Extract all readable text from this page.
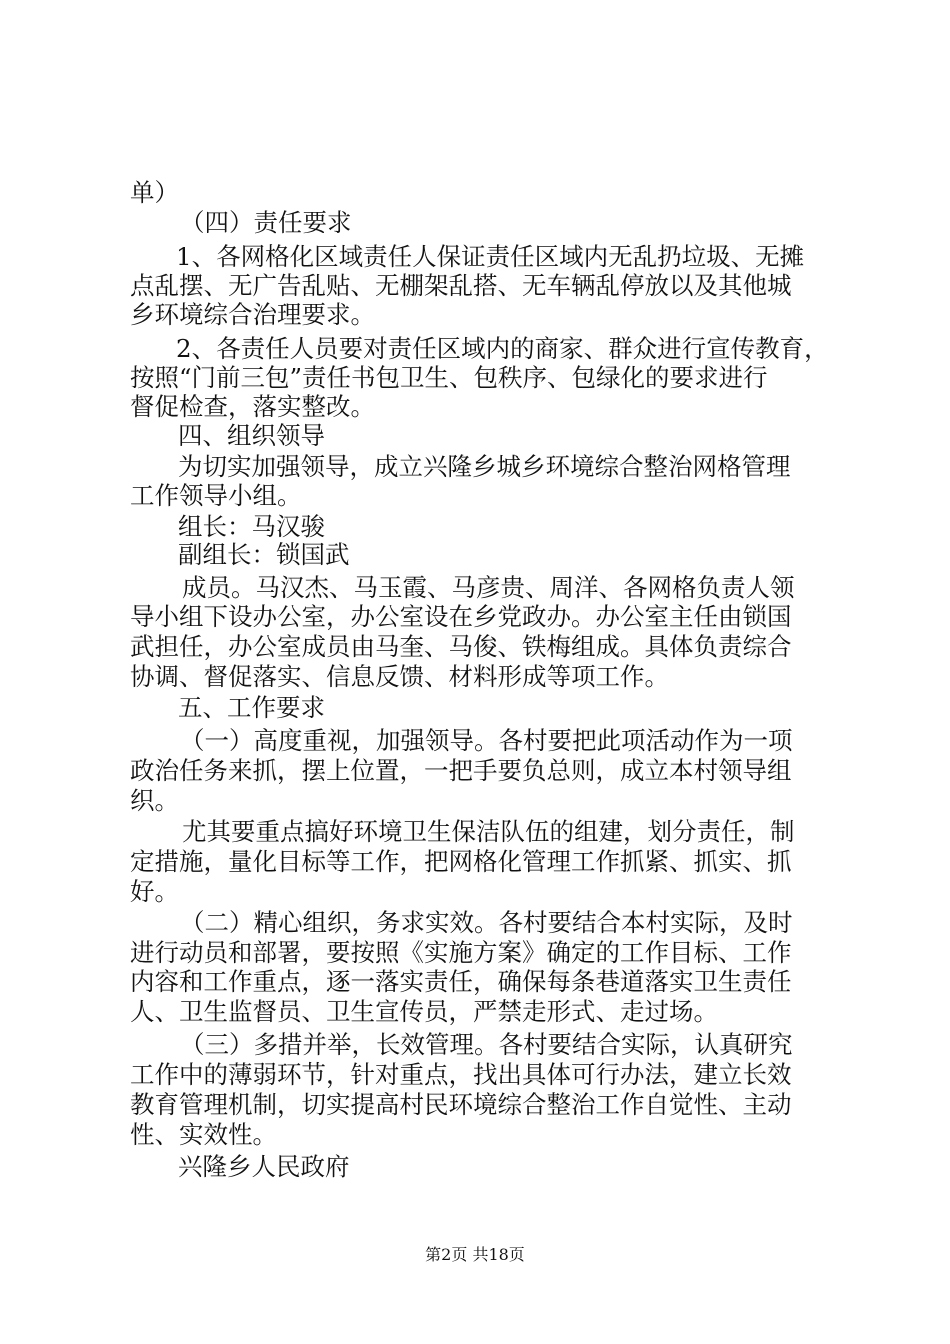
单）
（四）责任要求
1、各网格化区域责任人保证责任区域内无乱扔垃圾、无摊
点乱摆、无广告乱贴、无棚架乱搭、无车辆乱停放以及其他城
乡环境综合治理要求。
2、各责任人员要对责任区域内的商家、群众进行宣传教育，
按照“门前三包”责任书包卫生、包秩序、包绿化的要求进行
督促检查，落实整改。
四、组织领导
为切实加强领导，成立兴隆乡城乡环境综合整治网格管理
工作领导小组。
组长：马汉骏
副组长：锁国武
成员。马汉杰、马玉霞、马彦贵、周洋、各网格负责人领
导小组下设办公室，办公室设在乡党政办。办公室主任由锁国
武担任，办公室成员由马奎、马俊、铁梅组成。具体负责综合
协调、督促落实、信息反馈、材料形成等项工作。
五、工作要求
（一）高度重视，加强领导。各村要把此项活动作为一项
政治任务来抓，摆上位置，一把手要负总则，成立本村领导组
织。
尤其要重点搞好环境卫生保洁队伍的组建，划分责任，制
定措施，量化目标等工作，把网格化管理工作抓紧、抓实、抓
好。
（二）精心组织，务求实效。各村要结合本村实际，及时
进行动员和部署，要按照《实施方案》确定的工作目标、工作
内容和工作重点，逐一落实责任，确保每条巷道落实卫生责任
人、卫生监督员、卫生宣传员，严禁走形式、走过场。
（三）多措并举，长效管理。各村要结合实际，认真研究
工作中的薄弱环节，针对重点，找出具体可行办法，建立长效
教育管理机制，切实提高村民环境综合整治工作自觉性、主动
性、实效性。
兴隆乡人民政府
第2页 共18页
